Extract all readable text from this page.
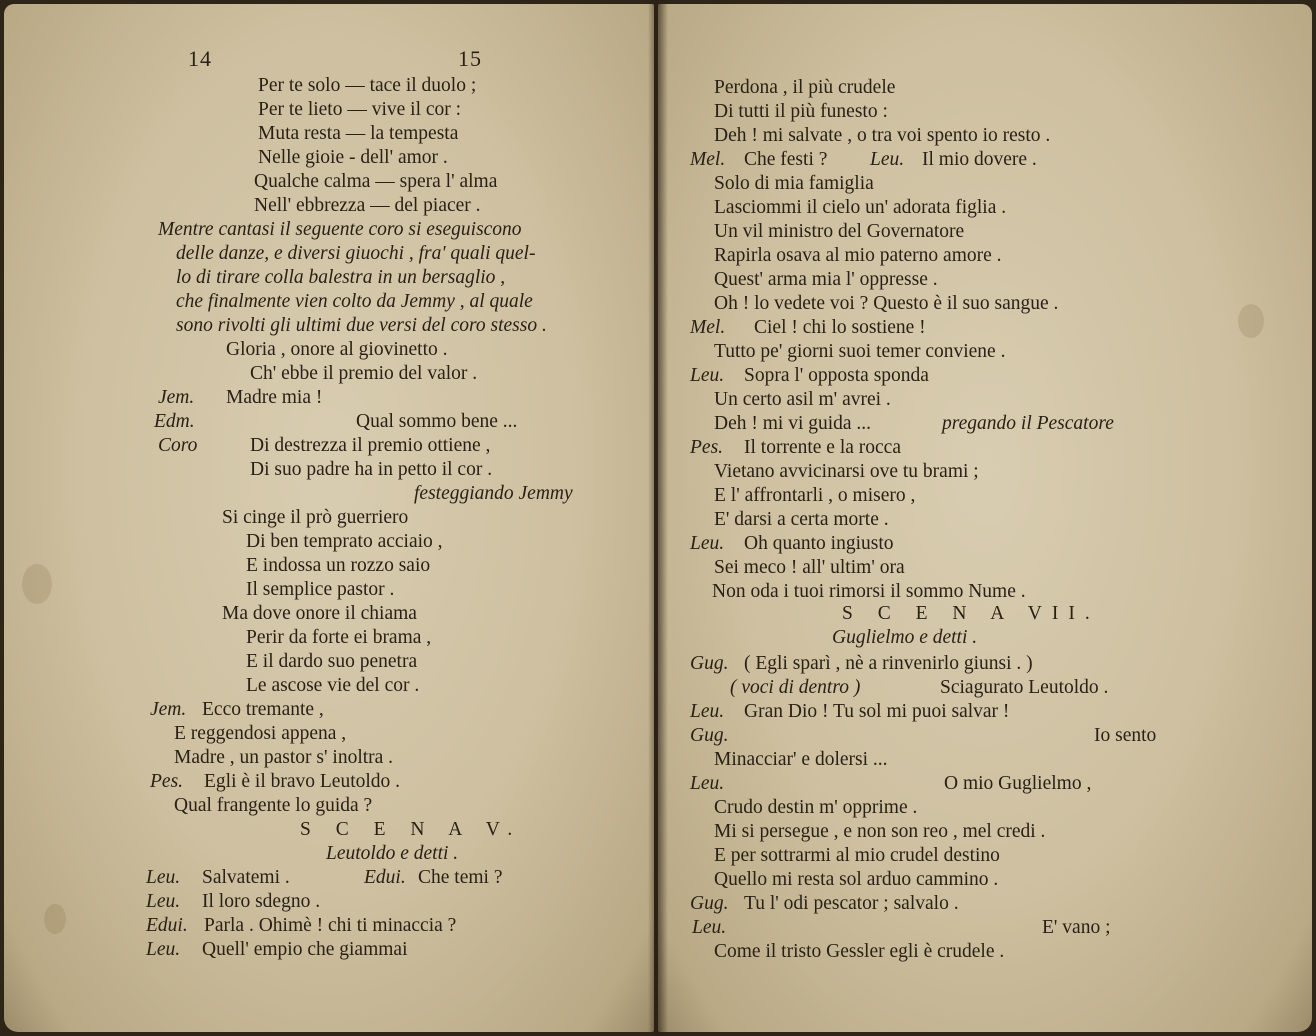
14
Per te solo — tace il duolo ;
Per te lieto — vive il cor :
Muta resta — la tempesta
Nelle gioie - dell' amor .
Qualche calma — spera l' alma
Nell' ebbrezza — del piacer .
Mentre cantasi il seguente coro si eseguiscono
delle danze, e diversi giuochi , fra' quali quel-
lo di tirare colla balestra in un bersaglio ,
che finalmente vien colto da Jemmy , al quale
sono rivolti gli ultimi due versi del coro stesso .
Gloria , onore al giovinetto .
Ch' ebbe il premio del valor .
Jem. Madre mia !
Edm.	Qual sommo bene ...
Coro	Di destrezza il premio ottiene ,
Di suo padre ha in petto il cor .
festeggiando Jemmy
Si cinge il prò guerriero
Di ben temprato acciaio ,
E indossa un rozzo saio
Il semplice pastor .
Ma dove onore il chiama
Perir da forte ei brama ,
E il dardo suo penetra
Le ascose vie del cor .
Jem. Ecco tremante ,
E reggendosi appena ,
Madre , un pastor s' inoltra .
Pes. Egli è il bravo Leutoldo .
Qual frangente lo guida ?
S C E N A V.
Leutoldo e detti .
Leu. Salvatemi .	Edui. Che temi ?
Leu. Il loro sdegno .
Edui. Parla . Ohimè ! chi ti minaccia ?
Leu. Quell' empio che giammai
15
Perdona , il più crudele
Di tutti il più funesto :
Deh ! mi salvate , o tra voi spento io resto .
Mel. Che festi ? Leu. Il mio dovere .
Solo di mia famiglia
Lasciommi il cielo un' adorata figlia .
Un vil ministro del Governatore
Rapirla osava al mio paterno amore .
Quest' arma mia l' oppresse .
Oh ! lo vedete voi ? Questo è il suo sangue .
Mel. Ciel ! chi lo sostiene !
Tutto pe' giorni suoi temer conviene .
Leu. Sopra l' opposta sponda
Un certo asil m' avrei .
Deh ! mi vi guida ...	pregando il Pescatore
Pes. Il torrente e la rocca
Vietano avvicinarsi ove tu brami ;
E l' affrontarli , o misero ,
E' darsi a certa morte .
Leu. Oh quanto ingiusto
Sei meco ! all' ultim' ora
Non oda i tuoi rimorsi il sommo Nume .
S C E N A VII.
Guglielmo e detti .
Gug. ( Egli sparì , nè a rinvenirlo giunsi . )
( voci di dentro )	Sciagurato Leutoldo .
Leu. Gran Dio ! Tu sol mi puoi salvar !
Gug.	Io sento
Minacciar' e dolersi ...
Leu.	O mio Guglielmo ,
Crudo destin m' opprime .
Mi si persegue , e non son reo , mel credi .
E per sottrarmi al mio crudel destino
Quello mi resta sol arduo cammino .
Gug. Tu l' odi pescator ; salvalo .
Leu.	E' vano ;
Come il tristo Gessler egli è crudele .
